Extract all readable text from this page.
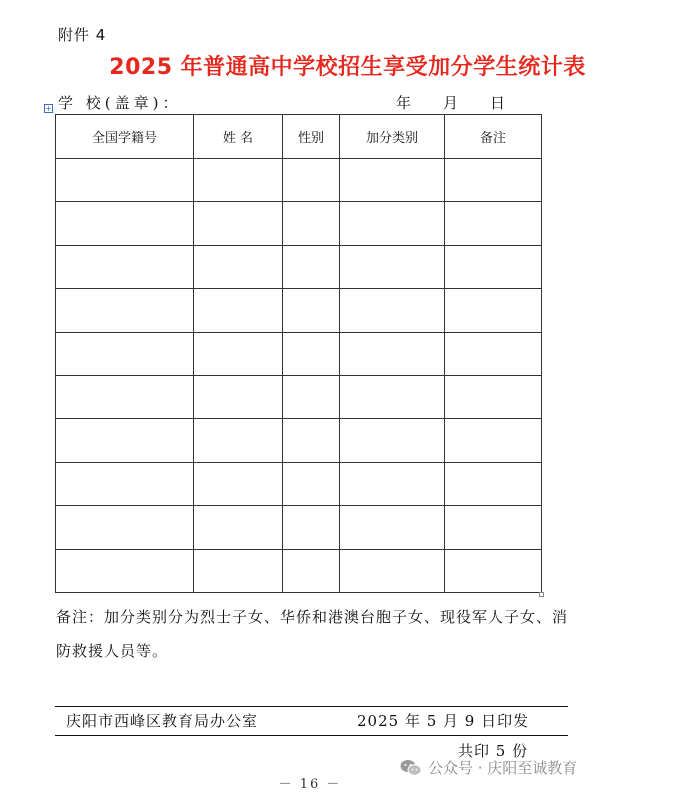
附件 4
2025 年普通高中学校招生享受加分学生统计表
+ 学 校(盖章)：	年 月 日
全国学籍号	姓 名	性别	加分类别	备注

备注：加分类别分为烈士子女、华侨和港澳台胞子女、现役军人子女、消防救援人员等。
庆阳市西峰区教育局办公室	2025 年 5 月 9 日印发
共印 5 份
－ 16 －
公众号 · 庆阳至诚教育
